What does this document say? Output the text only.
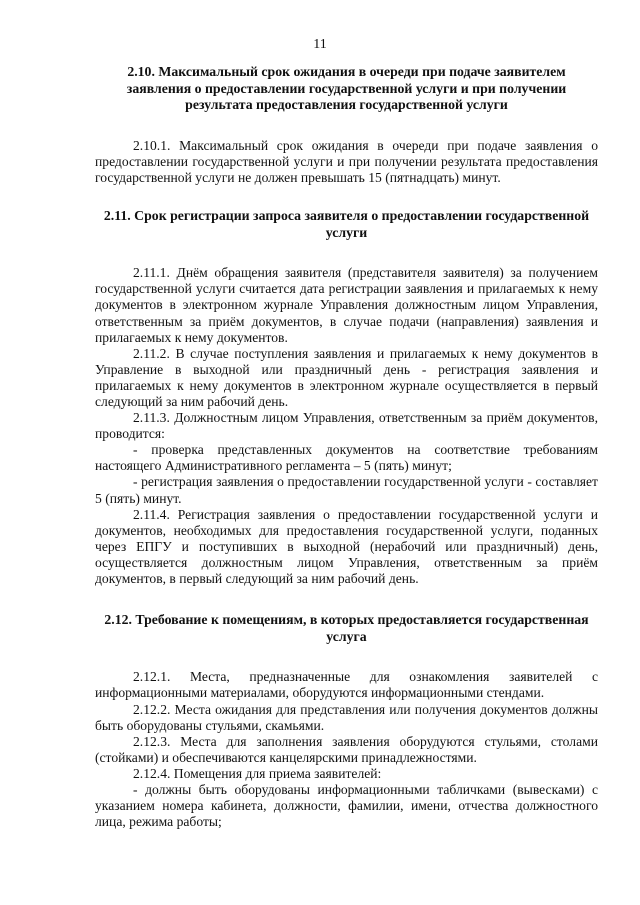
11

2.10. Максимальный срок ожидания в очереди при подаче заявителем заявления о предоставлении государственной услуги и при получении результата предоставления государственной услуги

2.10.1. Максимальный срок ожидания в очереди при подаче заявления о предоставлении государственной услуги и при получении результата предоставления государственной услуги не должен превышать 15 (пятнадцать) минут.

2.11. Срок регистрации запроса заявителя о предоставлении государственной услуги

2.11.1. Днём обращения заявителя (представителя заявителя) за получением государственной услуги считается дата регистрации заявления и прилагаемых к нему документов в электронном журнале Управления должностным лицом Управления, ответственным за приём документов, в случае подачи (направления) заявления и прилагаемых к нему документов.

2.11.2. В случае поступления заявления и прилагаемых к нему документов в Управление в выходной или праздничный день - регистрация заявления и прилагаемых к нему документов в электронном журнале осуществляется в первый следующий за ним рабочий день.

2.11.3. Должностным лицом Управления, ответственным за приём документов, проводится:

- проверка представленных документов на соответствие требованиям настоящего Административного регламента – 5 (пять) минут;

- регистрация заявления о предоставлении государственной услуги - составляет 5 (пять) минут.

2.11.4. Регистрация заявления о предоставлении государственной услуги и документов, необходимых для предоставления государственной услуги, поданных через ЕПГУ и поступивших в выходной (нерабочий или праздничный) день, осуществляется должностным лицом Управления, ответственным за приём документов, в первый следующий за ним рабочий день.

2.12. Требование к помещениям, в которых предоставляется государственная услуга

2.12.1. Места, предназначенные для ознакомления заявителей с информационными материалами, оборудуются информационными стендами.

2.12.2. Места ожидания для представления или получения документов должны быть оборудованы стульями, скамьями.

2.12.3. Места для заполнения заявления оборудуются стульями, столами (стойками) и обеспечиваются канцелярскими принадлежностями.

2.12.4. Помещения для приема заявителей:

- должны быть оборудованы информационными табличками (вывесками) с указанием номера кабинета, должности, фамилии, имени, отчества должностного лица, режима работы;
